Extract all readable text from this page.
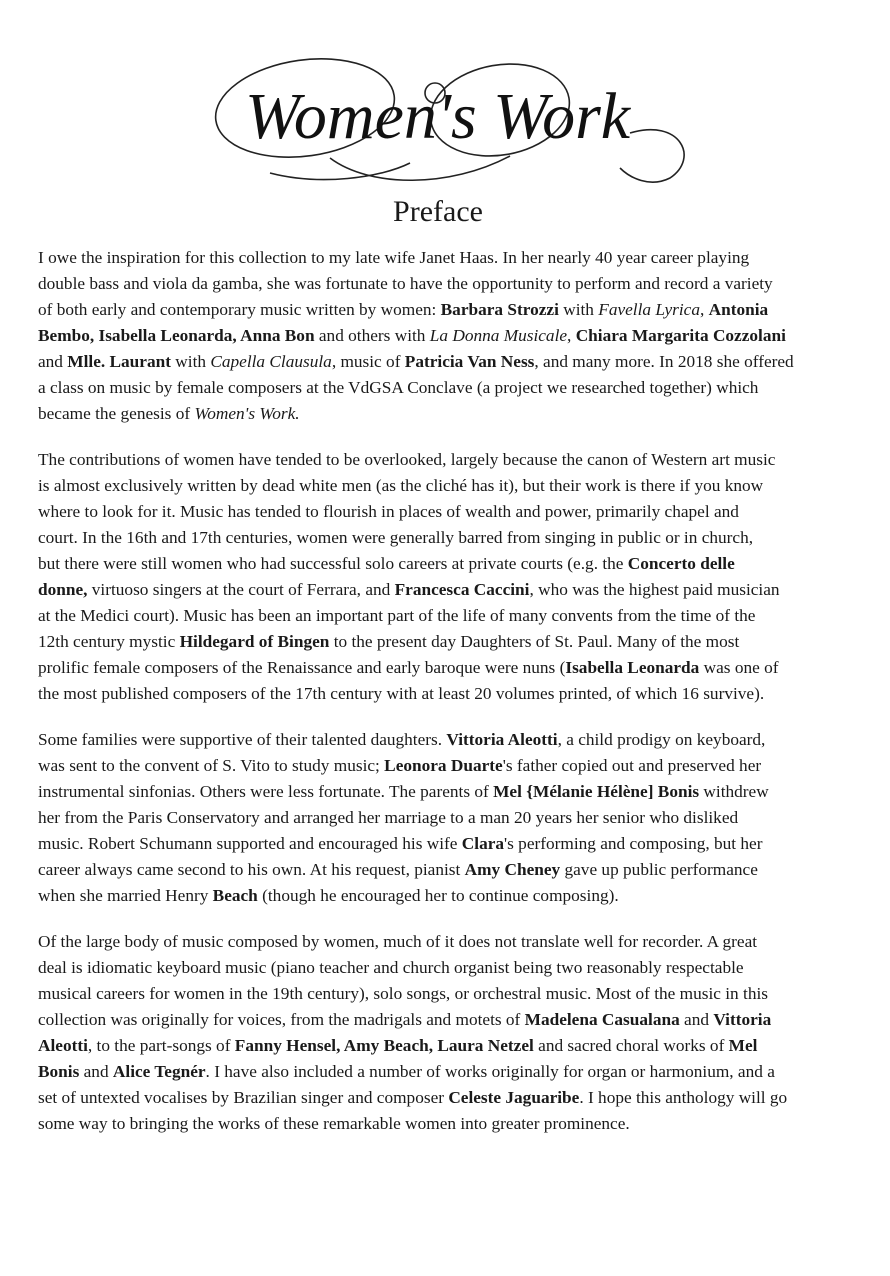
Women's Work
Preface
I owe the inspiration for this collection to my late wife Janet Haas. In her nearly 40 year career playing
double bass and viola da gamba, she was fortunate to have the opportunity to perform and record a variety
of both early and contemporary music written by women: Barbara Strozzi with Favella Lyrica, Antonia
Bembo, Isabella Leonarda, Anna Bon and others with La Donna Musicale, Chiara Margarita Cozzolani
and Mlle. Laurant with Capella Clausula, music of Patricia Van Ness, and many more. In 2018 she offered
a class on music by female composers at the VdGSA Conclave (a project we researched together) which
became the genesis of Women's Work.
The contributions of women have tended to be overlooked, largely because the canon of Western art music
is almost exclusively written by dead white men (as the cliché has it), but their work is there if you know
where to look for it. Music has tended to flourish in places of wealth and power, primarily chapel and
court. In the 16th and 17th centuries, women were generally barred from singing in public or in church,
but there were still women who had successful solo careers at private courts (e.g. the Concerto delle
donne, virtuoso singers at the court of Ferrara, and Francesca Caccini, who was the highest paid musician
at the Medici court). Music has been an important part of the life of many convents from the time of the
12th century mystic Hildegard of Bingen to the present day Daughters of St. Paul. Many of the most
prolific female composers of the Renaissance and early baroque were nuns (Isabella Leonarda was one of
the most published composers of the 17th century with at least 20 volumes printed, of which 16 survive).
Some families were supportive of their talented daughters. Vittoria Aleotti, a child prodigy on keyboard,
was sent to the convent of S. Vito to study music; Leonora Duarte's father copied out and preserved her
instrumental sinfonias. Others were less fortunate. The parents of Mel {Mélanie Hélène] Bonis withdrew
her from the Paris Conservatory and arranged her marriage to a man 20 years her senior who disliked
music. Robert Schumann supported and encouraged his wife Clara's performing and composing, but her
career always came second to his own. At his request, pianist Amy Cheney gave up public performance
when she married Henry Beach (though he encouraged her to continue composing).
Of the large body of music composed by women, much of it does not translate well for recorder. A great
deal is idiomatic keyboard music (piano teacher and church organist being two reasonably respectable
musical careers for women in the 19th century), solo songs, or orchestral music. Most of the music in this
collection was originally for voices, from the madrigals and motets of Madelena Casualana and Vittoria
Aleotti, to the part-songs of Fanny Hensel, Amy Beach, Laura Netzel and sacred choral works of Mel
Bonis and Alice Tegnér. I have also included a number of works originally for organ or harmonium, and a
set of untexted vocalises by Brazilian singer and composer Celeste Jaguaribe. I hope this anthology will go
some way to bringing the works of these remarkable women into greater prominence.
